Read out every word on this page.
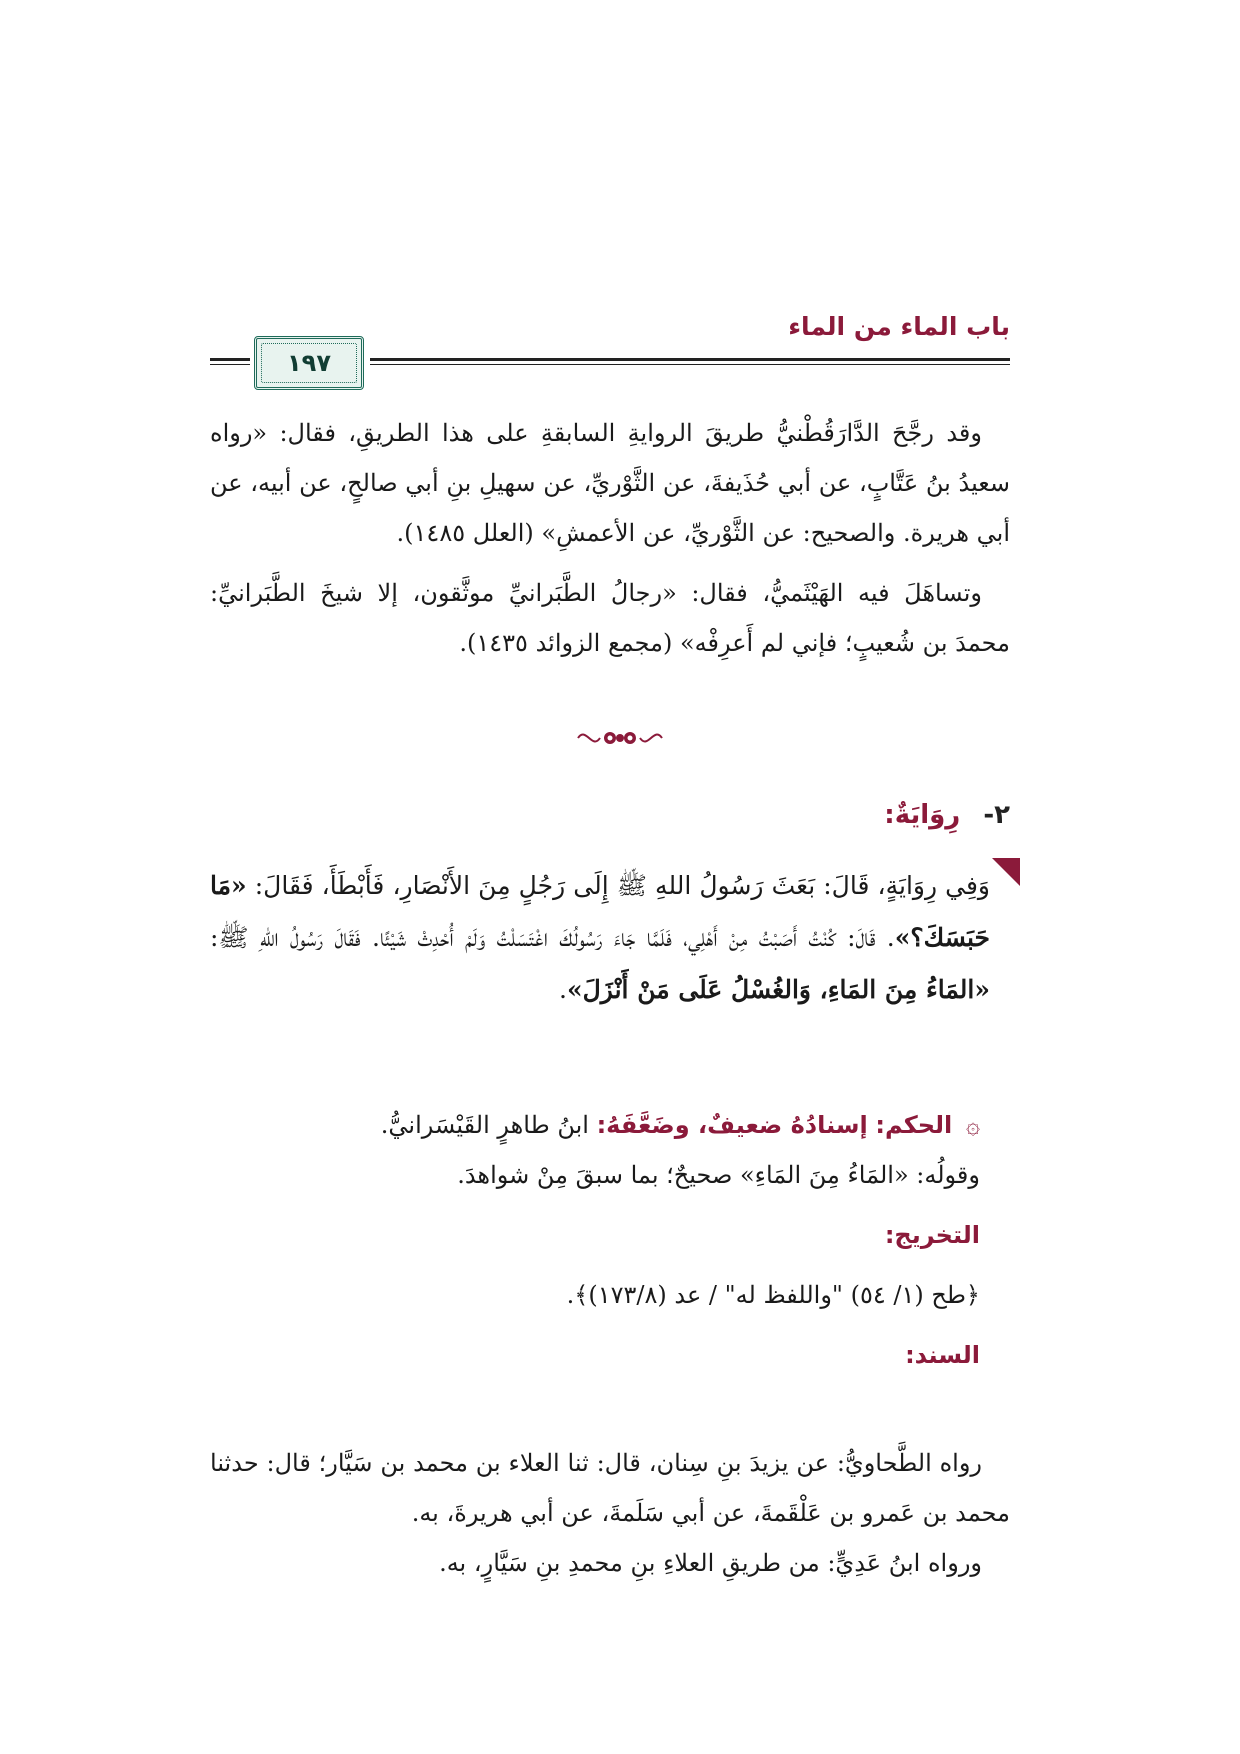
باب الماء من الماء
١٩٧

وقد رجَّحَ الدَّارَقُطْنيُّ طريقَ الروايةِ السابقةِ على هذا الطريقِ، فقال: «رواه سعيدُ بنُ عَتَّابٍ، عن أبي حُذَيفةَ، عن الثَّوْريِّ، عن سهيلِ بنِ أبي صالحٍ، عن أبيه، عن أبي هريرة. والصحيح: عن الثَّوْريِّ، عن الأعمشِ» (العلل ١٤٨٥).

وتساهَلَ فيه الهَيْثَميُّ، فقال: «رجالُ الطَّبَرانيِّ موثَّقون، إلا شيخَ الطَّبَرانيِّ: محمدَ بن شُعيبٍ؛ فإني لم أَعرِفْه» (مجمع الزوائد ١٤٣٥).

٢- رِوَايَةٌ:
وَفِي رِوَايَةٍ، قَالَ: بَعَثَ رَسُولُ اللهِ ﷺ إِلَى رَجُلٍ مِنَ الأَنْصَارِ، فَأَبْطَأَ، فَقَالَ: «مَا حَبَسَكَ؟». قَالَ: كُنْتُ أَصَبْتُ مِنْ أَهْلِي، فَلَمَّا جَاءَ رَسُولُكَ اغْتَسَلْتُ وَلَمْ أُحْدِثْ شَيْئًا. فَقَالَ رَسُولُ اللهِ ﷺ: «المَاءُ مِنَ المَاءِ، وَالغُسْلُ عَلَى مَنْ أَنْزَلَ».

۞ الحكم: إسنادُهُ ضعيفٌ، وضَعَّفَهُ: ابنُ طاهرٍ القَيْسَرانيُّ.

وقولُه: «المَاءُ مِنَ المَاءِ» صحيحٌ؛ بما سبقَ مِنْ شواهدَ.

التخريج:

﴿طح (١/ ٥٤) "واللفظ له" / عد (١٧٣/٨)﴾.

السند:

رواه الطَّحاويُّ: عن يزيدَ بنِ سِنان، قال: ثنا العلاء بن محمد بن سَيَّار؛ قال: حدثنا محمد بن عَمرو بن عَلْقَمةَ، عن أبي سَلَمةَ، عن أبي هريرةَ، به.

ورواه ابنُ عَدِيٍّ: من طريقِ العلاءِ بنِ محمدِ بنِ سَيَّارٍ، به.
